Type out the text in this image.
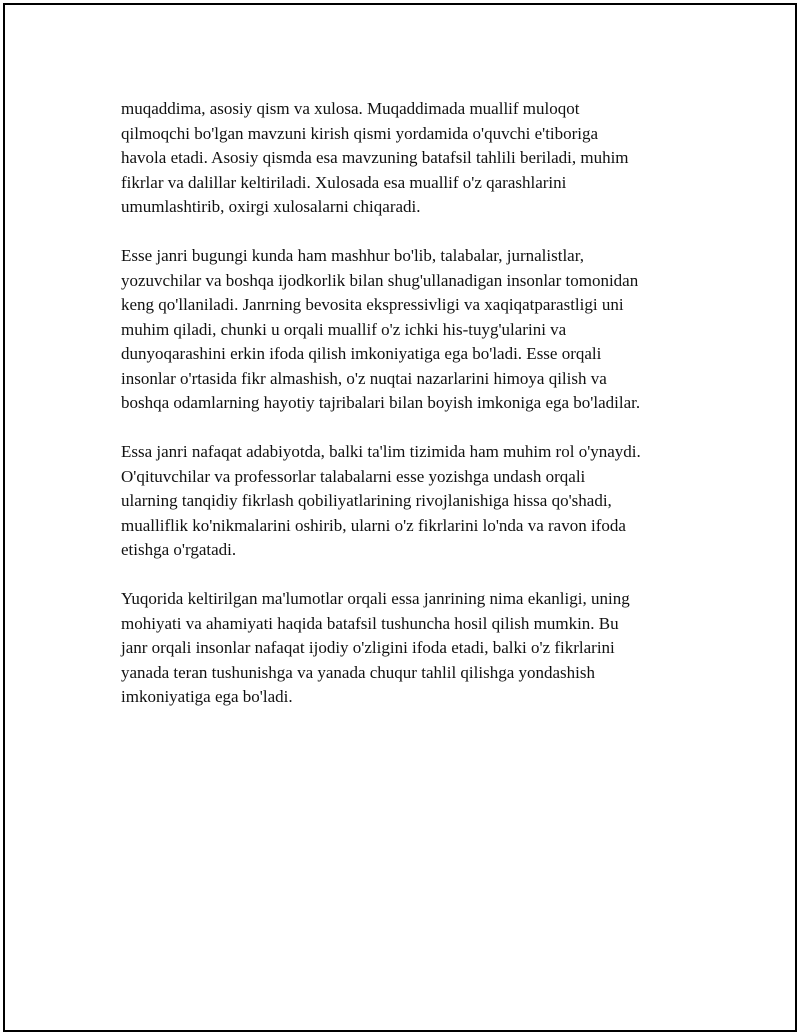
muqaddima, asosiy qism va xulosa. Muqaddimada muallif muloqot
qilmoqchi bo'lgan mavzuni kirish qismi yordamida o'quvchi e'tiboriga
havola etadi. Asosiy qismda esa mavzuning batafsil tahlili beriladi, muhim
fikrlar va dalillar keltiriladi. Xulosada esa muallif o'z qarashlarini
umumlashtirib, oxirgi xulosalarni chiqaradi.

Esse janri bugungi kunda ham mashhur bo'lib, talabalar, jurnalistlar,
yozuvchilar va boshqa ijodkorlik bilan shug'ullanadigan insonlar tomonidan
keng qo'llaniladi. Janrning bevosita ekspressivligi va xaqiqatparastligi uni
muhim qiladi, chunki u orqali muallif o'z ichki his-tuyg'ularini va
dunyoqarashini erkin ifoda qilish imkoniyatiga ega bo'ladi. Esse orqali
insonlar o'rtasida fikr almashish, o'z nuqtai nazarlarini himoya qilish va
boshqa odamlarning hayotiy tajribalari bilan boyish imkoniga ega bo'ladilar.

Essa janri nafaqat adabiyotda, balki ta'lim tizimida ham muhim rol o'ynaydi.
O'qituvchilar va professorlar talabalarni esse yozishga undash orqali
ularning tanqidiy fikrlash qobiliyatlarining rivojlanishiga hissa qo'shadi,
mualliflik ko'nikmalarini oshirib, ularni o'z fikrlarini lo'nda va ravon ifoda
etishga o'rgatadi.

Yuqorida keltirilgan ma'lumotlar orqali essa janrining nima ekanligi, uning
mohiyati va ahamiyati haqida batafsil tushuncha hosil qilish mumkin. Bu
janr orqali insonlar nafaqat ijodiy o'zligini ifoda etadi, balki o'z fikrlarini
yanada teran tushunishga va yanada chuqur tahlil qilishga yondashish
imkoniyatiga ega bo'ladi.
